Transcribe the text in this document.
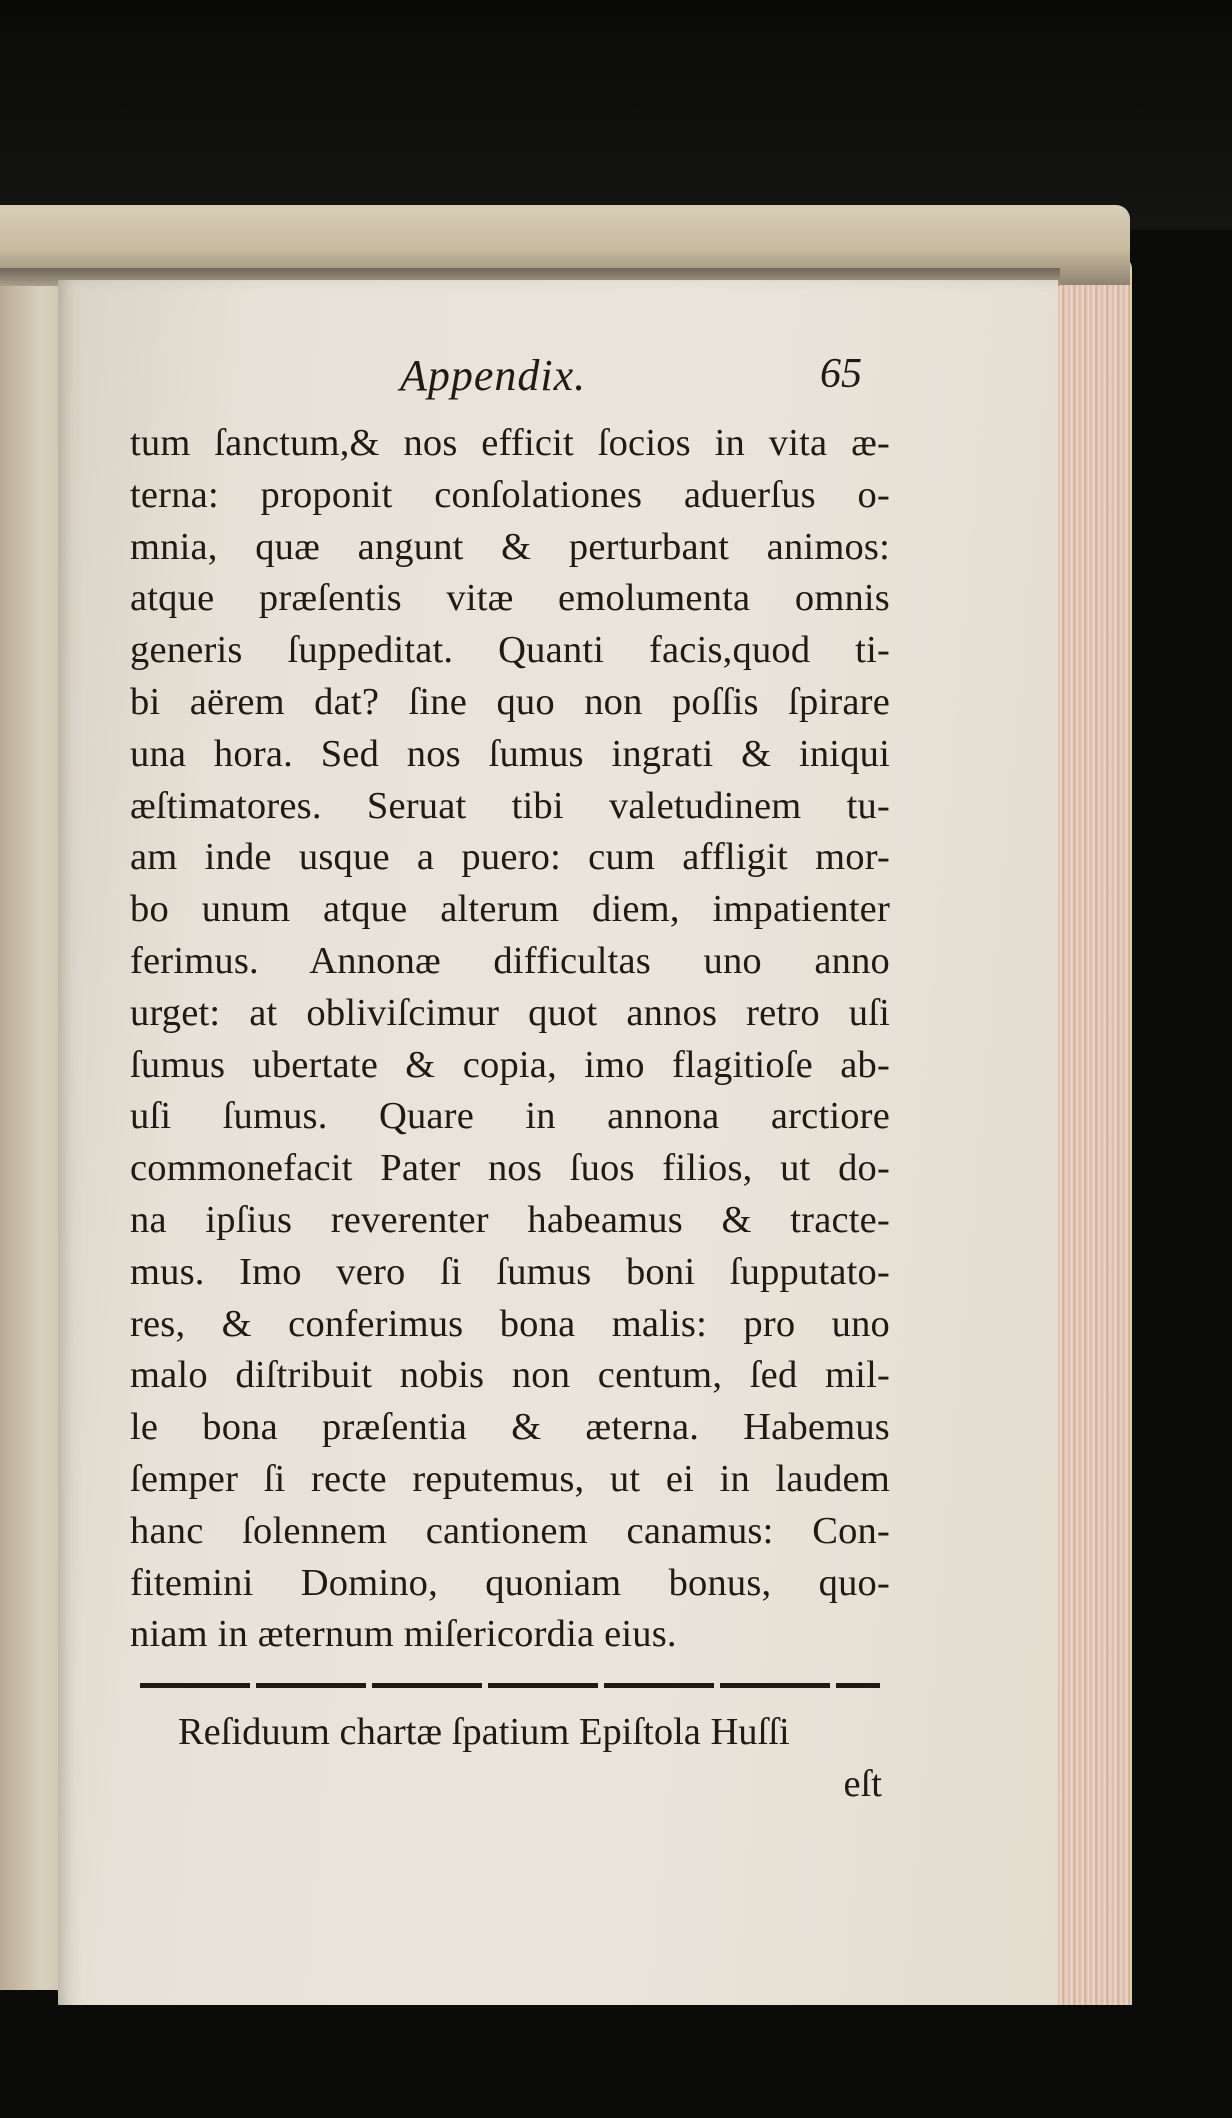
Appendix.	65
tum ſanctum,& nos efficit ſocios in vita æ-
terna: proponit conſolationes aduerſus o-
mnia, quæ angunt & perturbant animos:
atque præſentis vitæ emolumenta omnis
generis ſuppeditat. Quanti facis,quod ti-
bi aërem dat? ſine quo non poſſis ſpirare
una hora. Sed nos ſumus ingrati & iniqui
æſtimatores. Seruat tibi valetudinem tu-
am inde usque a puero: cum affligit mor-
bo unum atque alterum diem, impatienter
ferimus. Annonæ difficultas uno anno
urget: at obliviſcimur quot annos retro uſi
ſumus ubertate & copia, imo flagitioſe ab-
uſi ſumus. Quare in annona arctiore
commonefacit Pater nos ſuos filios, ut do-
na ipſius reverenter habeamus & tracte-
mus. Imo vero ſi ſumus boni ſupputato-
res, & conferimus bona malis: pro uno
malo diſtribuit nobis non centum, ſed mil-
le bona præſentia & æterna. Habemus
ſemper ſi recte reputemus, ut ei in laudem
hanc ſolennem cantionem canamus: Con-
fitemini Domino, quoniam bonus, quo-
niam in æternum miſericordia eius.
Reſiduum chartæ ſpatium Epiſtola Huſſi
eſt
